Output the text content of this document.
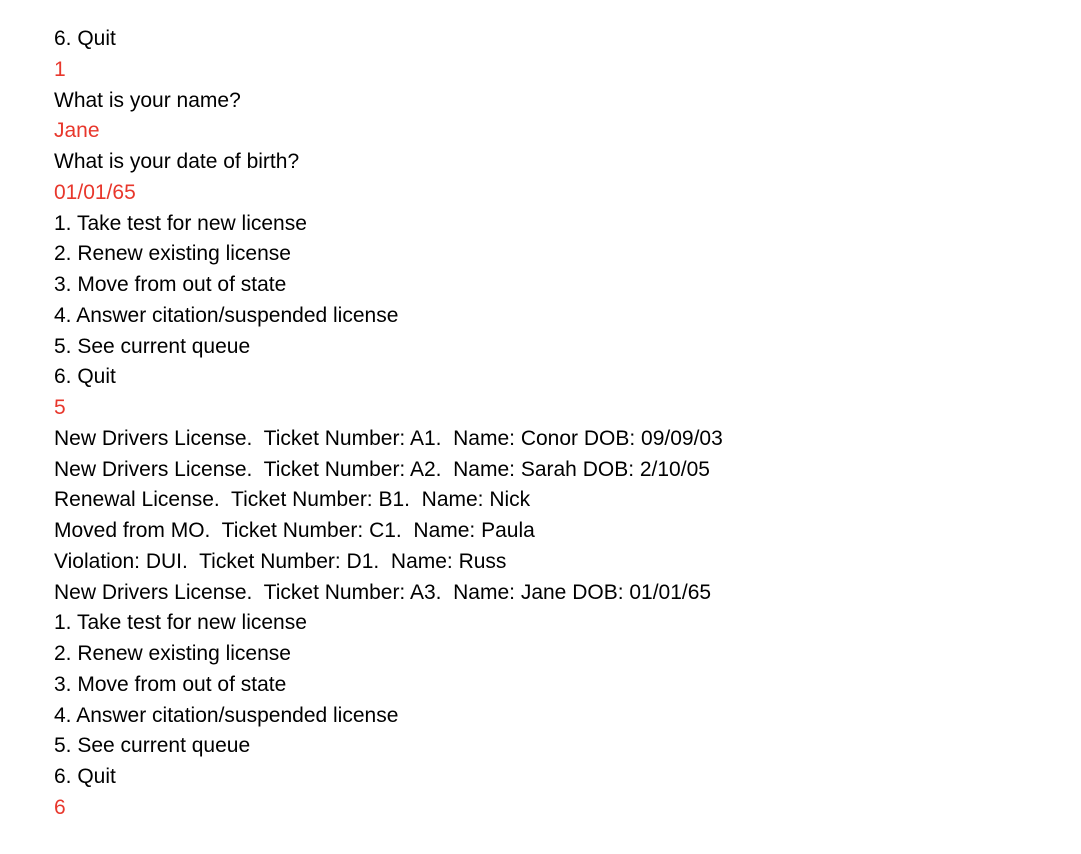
6. Quit
1
What is your name?
Jane
What is your date of birth?
01/01/65
1. Take test for new license
2. Renew existing license
3. Move from out of state
4. Answer citation/suspended license
5. See current queue
6. Quit
5
New Drivers License.  Ticket Number: A1.  Name: Conor DOB: 09/09/03
New Drivers License.  Ticket Number: A2.  Name: Sarah DOB: 2/10/05
Renewal License.  Ticket Number: B1.  Name: Nick
Moved from MO.  Ticket Number: C1.  Name: Paula
Violation: DUI.  Ticket Number: D1.  Name: Russ
New Drivers License.  Ticket Number: A3.  Name: Jane DOB: 01/01/65
1. Take test for new license
2. Renew existing license
3. Move from out of state
4. Answer citation/suspended license
5. See current queue
6. Quit
6
